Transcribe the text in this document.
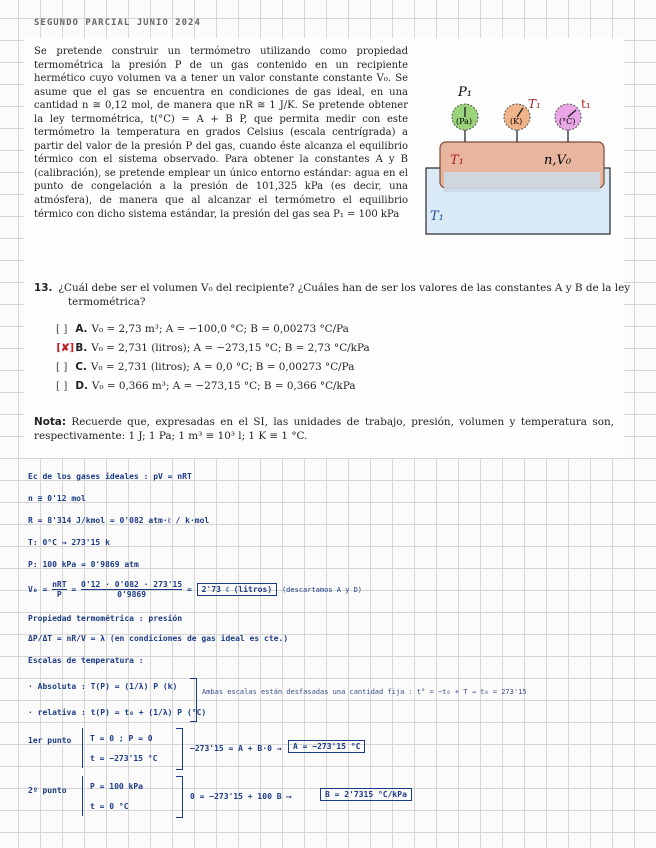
SEGUNDO PARCIAL JUNIO 2024

Se pretende construir un termómetro utilizando como propiedad termométrica la presión P de un gas contenido en un recipiente hermético cuyo volumen va a tener un valor constante constante V₀. Se asume que el gas se encuentra en condiciones de gas ideal, en una cantidad n ≅ 0,12 mol, de manera que nR ≅ 1 J/K. Se pretende obtener la ley termométrica, t(°C) = A + B P, que permita medir con este termómetro la temperatura en grados Celsius (escala centrígrada) a partir del valor de la presión P del gas, cuando éste alcanza el equilibrio térmico con el sistema observado. Para obtener la constantes A y B (calibración), se pretende emplear un único entorno estándar: agua en el punto de congelación a la presión de 101,325 kPa (es decir, una atmósfera), de manera que al alcanzar el termómetro el equilibrio térmico con dicho sistema estándar, la presión del gas sea P₁ = 100 kPa

(Pa)	(K)	(°C)
P₁
T₁	t₁
T₁	n,V₀
T₁

13. ¿Cuál debe ser el volumen V₀ del recipiente? ¿Cuáles han de ser los valores de las constantes A y B de la ley termométrica?

[ ] A. V₀ = 2,73 m³; A = −100,0 °C; B = 0,00273 °C/Pa
[✘] B. V₀ = 2,731 (litros); A = −273,15 °C; B = 2,73 °C/kPa
[ ] C. V₀ = 2,731 (litros); A = 0,0 °C; B = 0,00273 °C/Pa
[ ] D. V₀ = 0,366 m³; A = −273,15 °C; B = 0,366 °C/kPa

Nota: Recuerde que, expresadas en el SI, las unidades de trabajo, presión, volumen y temperatura son, respectivamente: 1 J; 1 Pa; 1 m³ ≡ 10³ l; 1 K ≡ 1 °C.

Ec de los gases ideales : pV = nRT
n ≅ 0'12 mol
R = 8'314 J/kmol = 0'082 atm·ℓ / k·mol
T: 0°C → 273'15 k
P: 100 kPa = 0'9869 atm
$V_0 = \frac{\text{nRT}}{P} = \frac{0'12 \cdot 0'082 \cdot 273'15}{0'9869} = 2'73$ ℓ (litros) (descartamos A y D)
Propiedad termométrica : presión
ΔP/ΔT = nR/V = λ (en condiciones de gas ideal es cte.)
Escalas de temperatura :
· Absoluta : T(P) = (1/λ) P (k)
· relativa : t(P) = t₀ + (1/λ) P (°C)
Ambas escalas están desfasadas una cantidad fija : t° = −t₀ + T → t₀ = 273'15
1er punto T = 0 ; P = 0
t = −273'15 °C
−273'15 = A + B·0 →	A = −273'15 °C
2º punto	P = 100 kPa
t = 0 °C
0 = −273'15 + 100 B ⟶	B = 2'7315 °C/kPa
